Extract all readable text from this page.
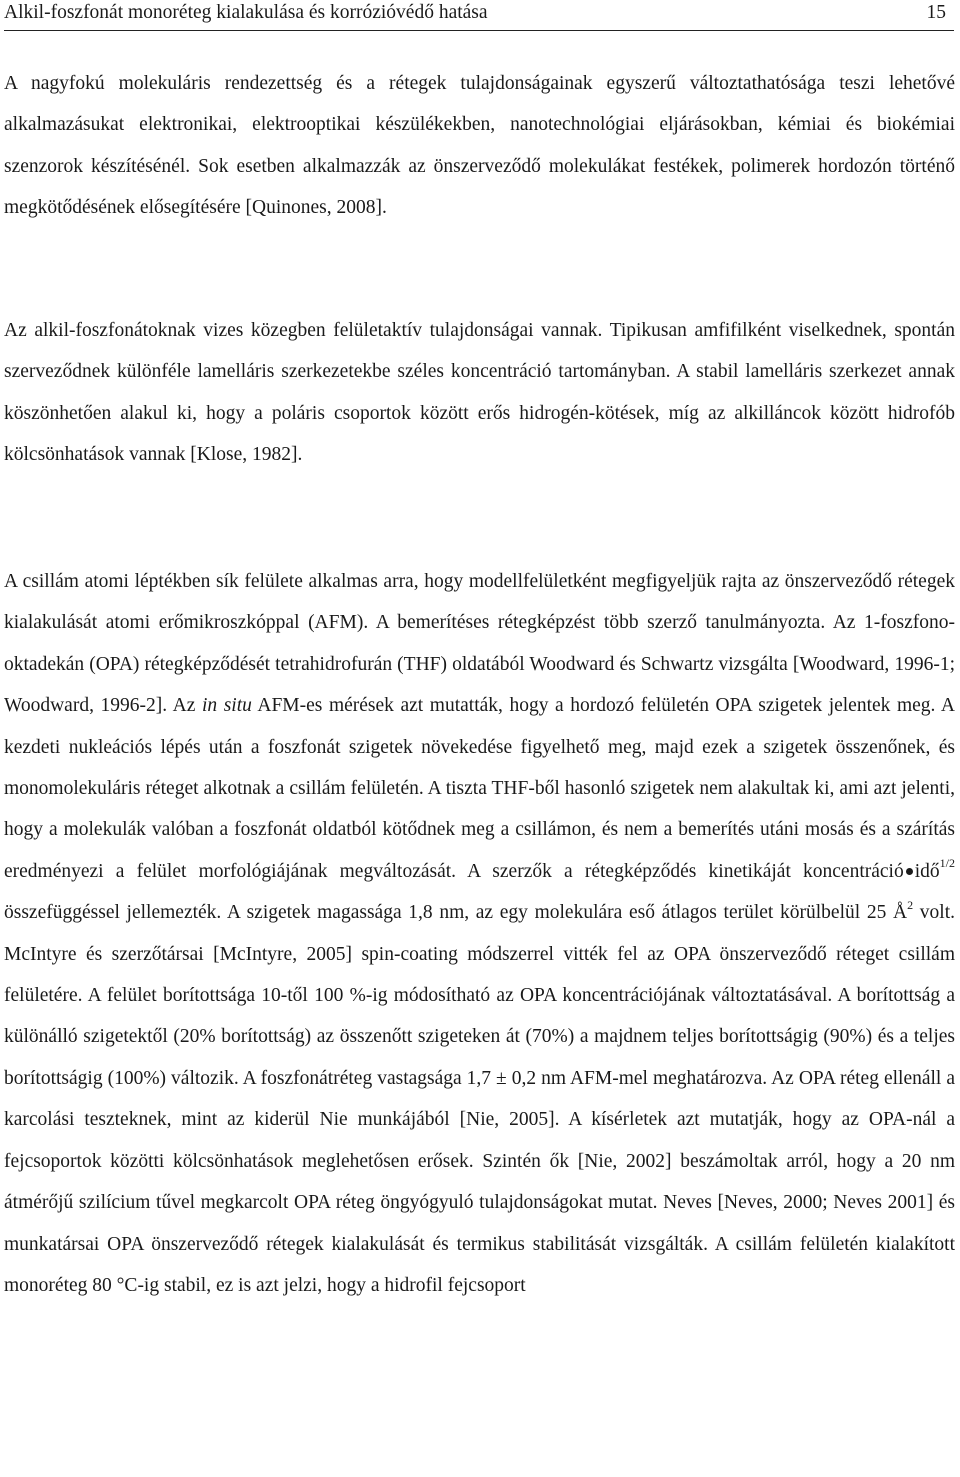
Alkil-foszfonát monoréteg kialakulása és korrózióvédő hatása	15

A nagyfokú molekuláris rendezettség és a rétegek tulajdonságainak egyszerű változtathatósága teszi lehetővé alkalmazásukat elektronikai, elektrooptikai készülékekben, nanotechnológiai eljárásokban, kémiai és biokémiai szenzorok készítésénél. Sok esetben alkalmazzák az önszerveződő molekulákat festékek, polimerek hordozón történő megkötődésének elősegítésére [Quinones, 2008].

Az alkil-foszfonátoknak vizes közegben felületaktív tulajdonságai vannak. Tipikusan amfifilként viselkednek, spontán szerveződnek különféle lamelláris szerkezetekbe széles koncentráció tartományban. A stabil lamelláris szerkezet annak köszönhetően alakul ki, hogy a poláris csoportok között erős hidrogén-kötések, míg az alkilláncok között hidrofób kölcsönhatások vannak [Klose, 1982].

A csillám atomi léptékben sík felülete alkalmas arra, hogy modellfelületként megfigyeljük rajta az önszerveződő rétegek kialakulását atomi erőmikroszkóppal (AFM). A bemerítéses rétegképzést több szerző tanulmányozta. Az 1-foszfono-oktadekán (OPA) rétegképződését tetrahidrofurán (THF) oldatából Woodward és Schwartz vizsgálta [Woodward, 1996-1; Woodward, 1996-2]. Az in situ AFM-es mérések azt mutatták, hogy a hordozó felületén OPA szigetek jelentek meg. A kezdeti nukleációs lépés után a foszfonát szigetek növekedése figyelhető meg, majd ezek a szigetek összenőnek, és monomolekuláris réteget alkotnak a csillám felületén. A tiszta THF-ből hasonló szigetek nem alakultak ki, ami azt jelenti, hogy a molekulák valóban a foszfonát oldatból kötődnek meg a csillámon, és nem a bemerítés utáni mosás és a szárítás eredményezi a felület morfológiájának megváltozását. A szerzők a rétegképződés kinetikáját koncentráció idő$^{1/2}$ összefüggéssel jellemezték. A szigetek magassága 1,8 nm, az egy molekulára eső átlagos terület körülbelül 25 $Å^2$ volt. McIntyre és szerzőtársai [McIntyre, 2005] spin-coating módszerrel vitték fel az OPA önszerveződő réteget csillám felületére. A felület borítottsága 10-től 100 %-ig módosítható az OPA koncentrációjának változtatásával. A borítottság a különálló szigetektől (20% borítottság) az összenőtt szigeteken át (70%) a majdnem teljes borítottságig (90%) és a teljes borítottságig (100%) változik. A foszfonátréteg vastagsága 1,7 ± 0,2 nm AFM-mel meghatározva. Az OPA réteg ellenáll a karcolási teszteknek, mint az kiderül Nie munkájából [Nie, 2005]. A kísérletek azt mutatják, hogy az OPA-nál a fejcsoportok közötti kölcsönhatások meglehetősen erősek. Szintén ők [Nie, 2002] beszámoltak arról, hogy a 20 nm átmérőjű szilícium tűvel megkarcolt OPA réteg öngyógyuló tulajdonságokat mutat. Neves [Neves, 2000; Neves 2001] és munkatársai OPA önszerveződő rétegek kialakulását és termikus stabilitását vizsgálták. A csillám felületén kialakított monoréteg 80 °C-ig stabil, ez is azt jelzi, hogy a hidrofil fejcsoport
